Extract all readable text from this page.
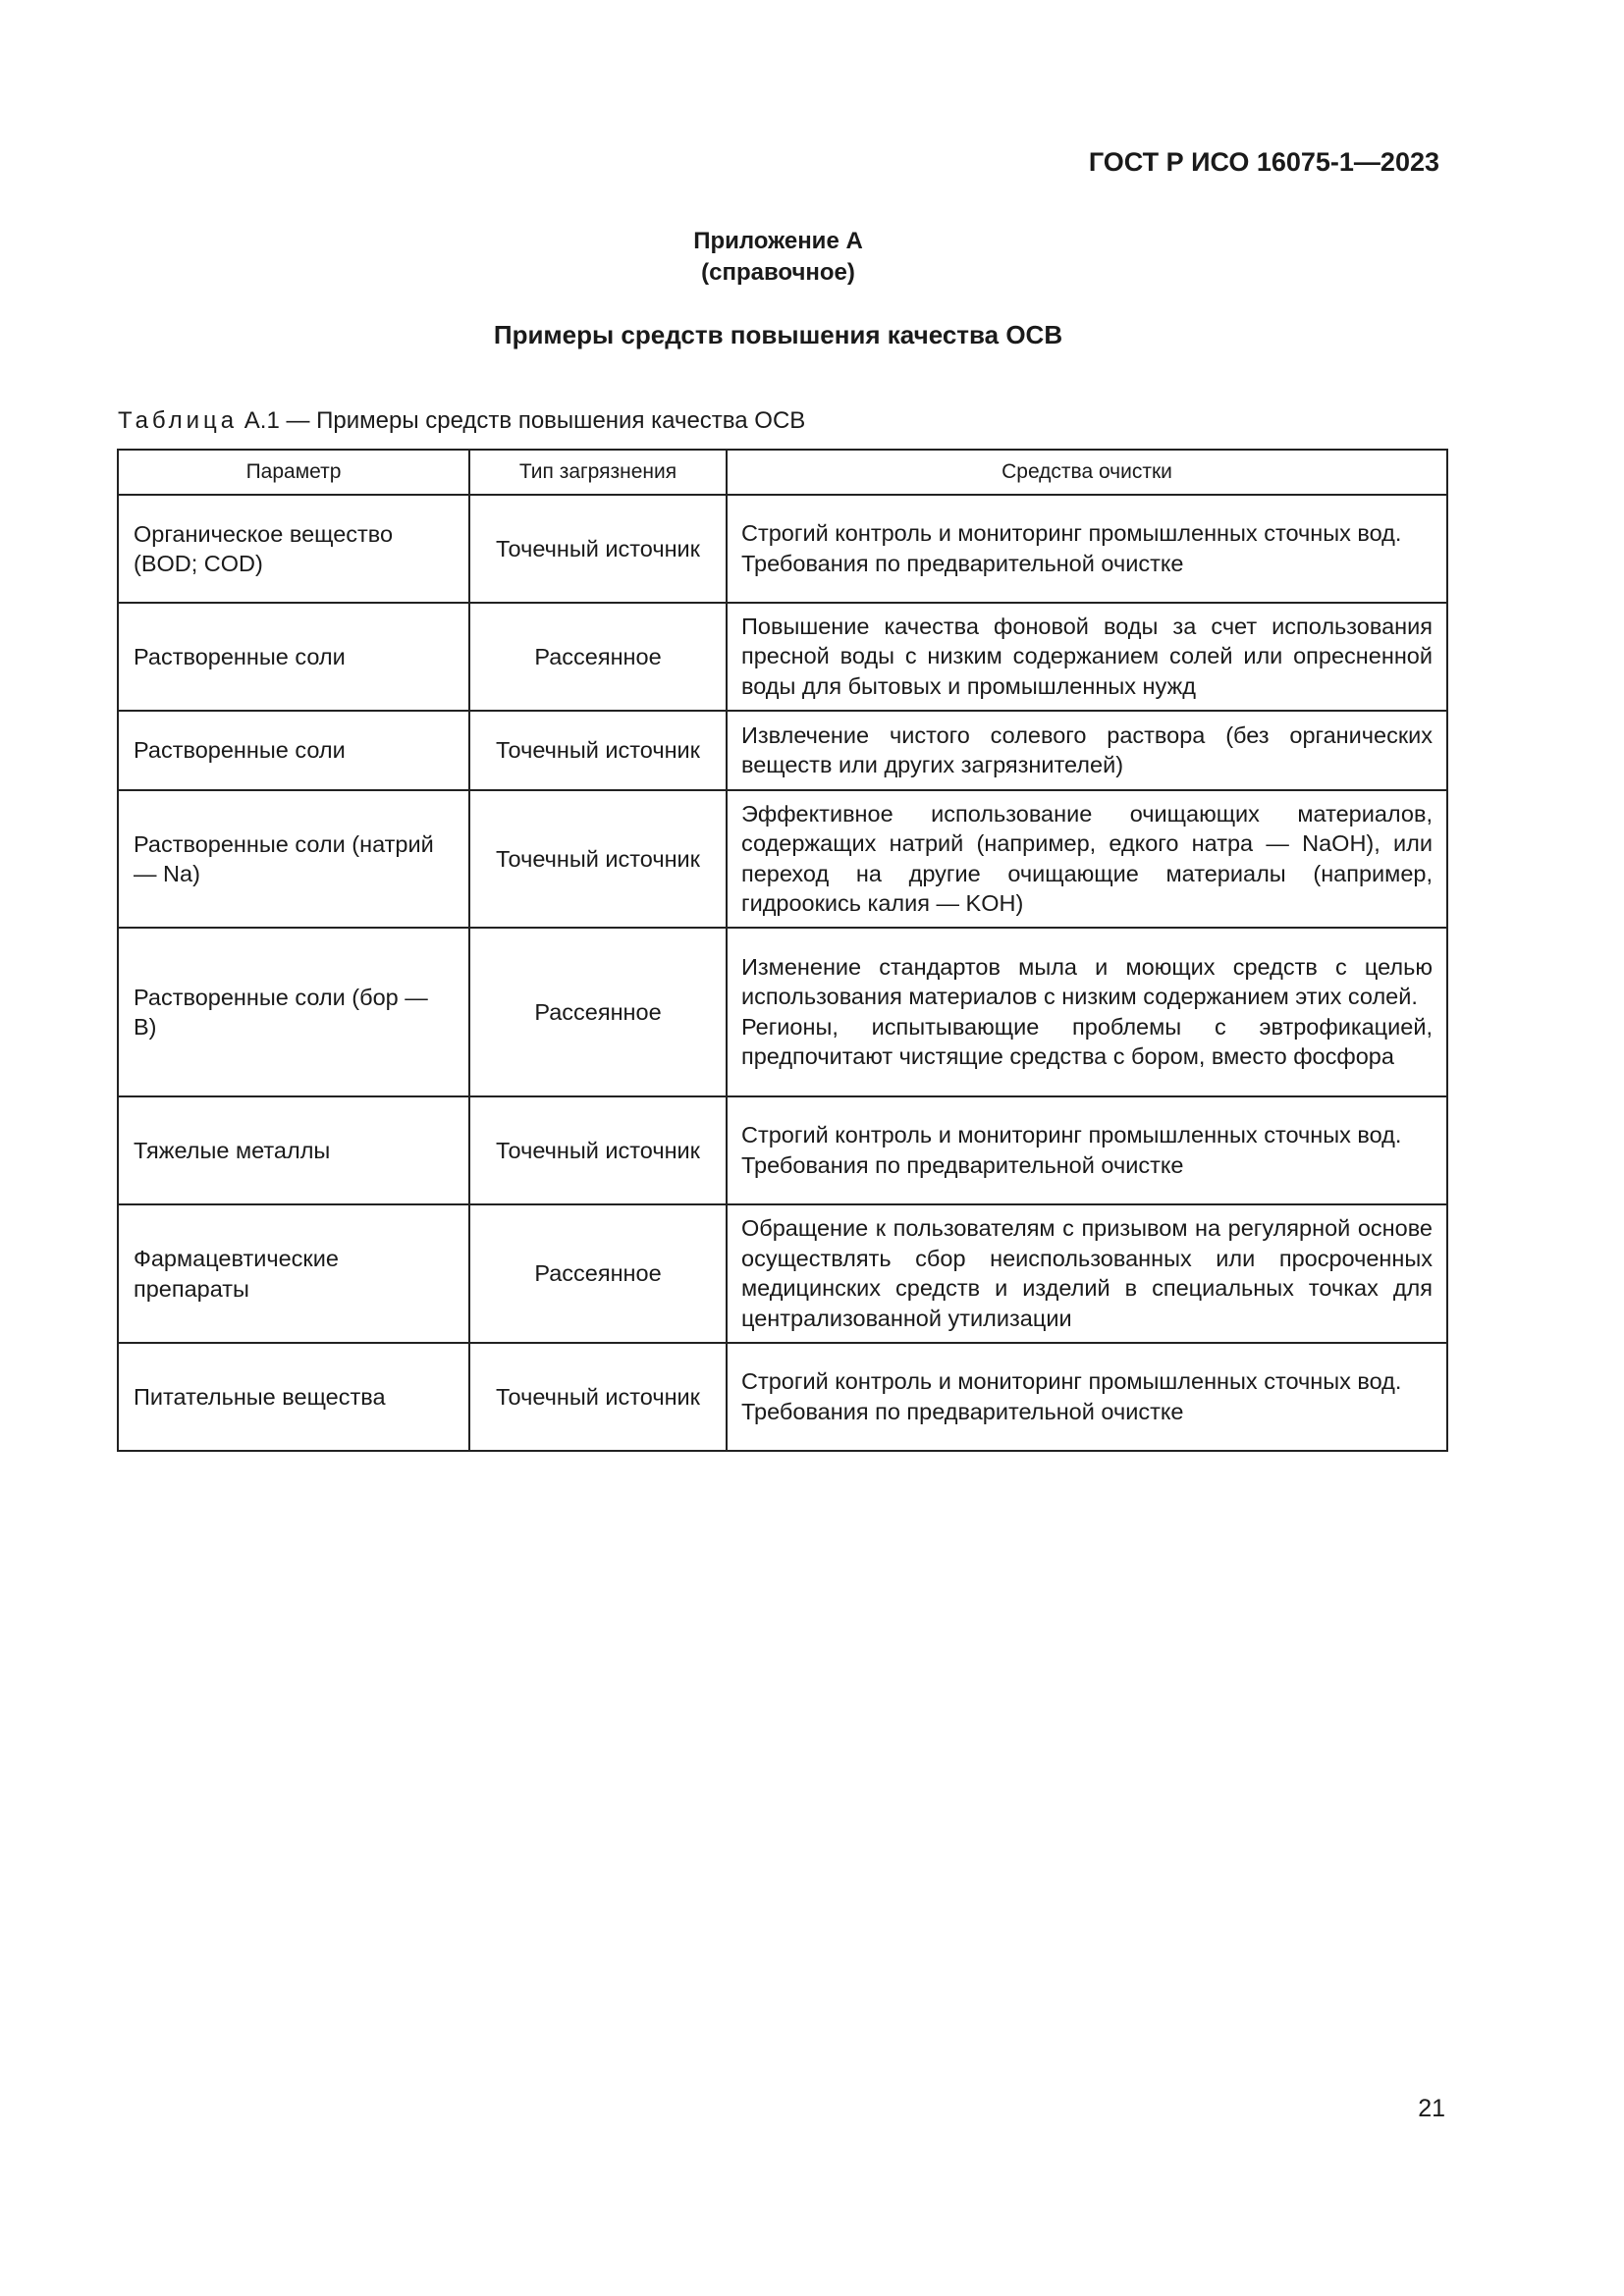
ГОСТ Р ИСО 16075-1—2023
Приложение А
(справочное)
Примеры средств повышения качества ОСВ
Таблица А.1 — Примеры средств повышения качества ОСВ
Параметр	Тип загрязнения	Средства очистки
Органическое вещество (BOD; COD)	Точечный источник	Строгий контроль и мониторинг промышленных сточных вод.
Требования по предварительной очистке

Растворенные соли	Рассеянное	Повышение качества фоновой воды за счет использования пресной воды с низким содержанием солей или опресненной воды для бытовых и промышленных нужд

Растворенные соли	Точечный источник	Извлечение чистого солевого раствора (без органических веществ или других загрязнителей)

Растворенные соли (натрий — Na)	Точечный источник	Эффективное использование очищающих материалов, содержащих натрий (например, едкого натра — NaOH), или переход на другие очищающие материалы (например, гидроокись калия — KOH)

Растворенные соли (бор — B)	Рассеянное	Изменение стандартов мыла и моющих средств с целью использования материалов с низким содержанием этих солей.
Регионы, испытывающие проблемы с эвтрофикацией, предпочитают чистящие средства с бором, вместо фосфора

Тяжелые металлы	Точечный источник	Строгий контроль и мониторинг промышленных сточных вод.
Требования по предварительной очистке

Фармацевтические препараты	Рассеянное	Обращение к пользователям с призывом на регулярной основе осуществлять сбор неиспользованных или просроченных медицинских средств и изделий в специальных точках для централизованной утилизации

Питательные вещества	Точечный источник	Строгий контроль и мониторинг промышленных сточных вод.
Требования по предварительной очистке
21
